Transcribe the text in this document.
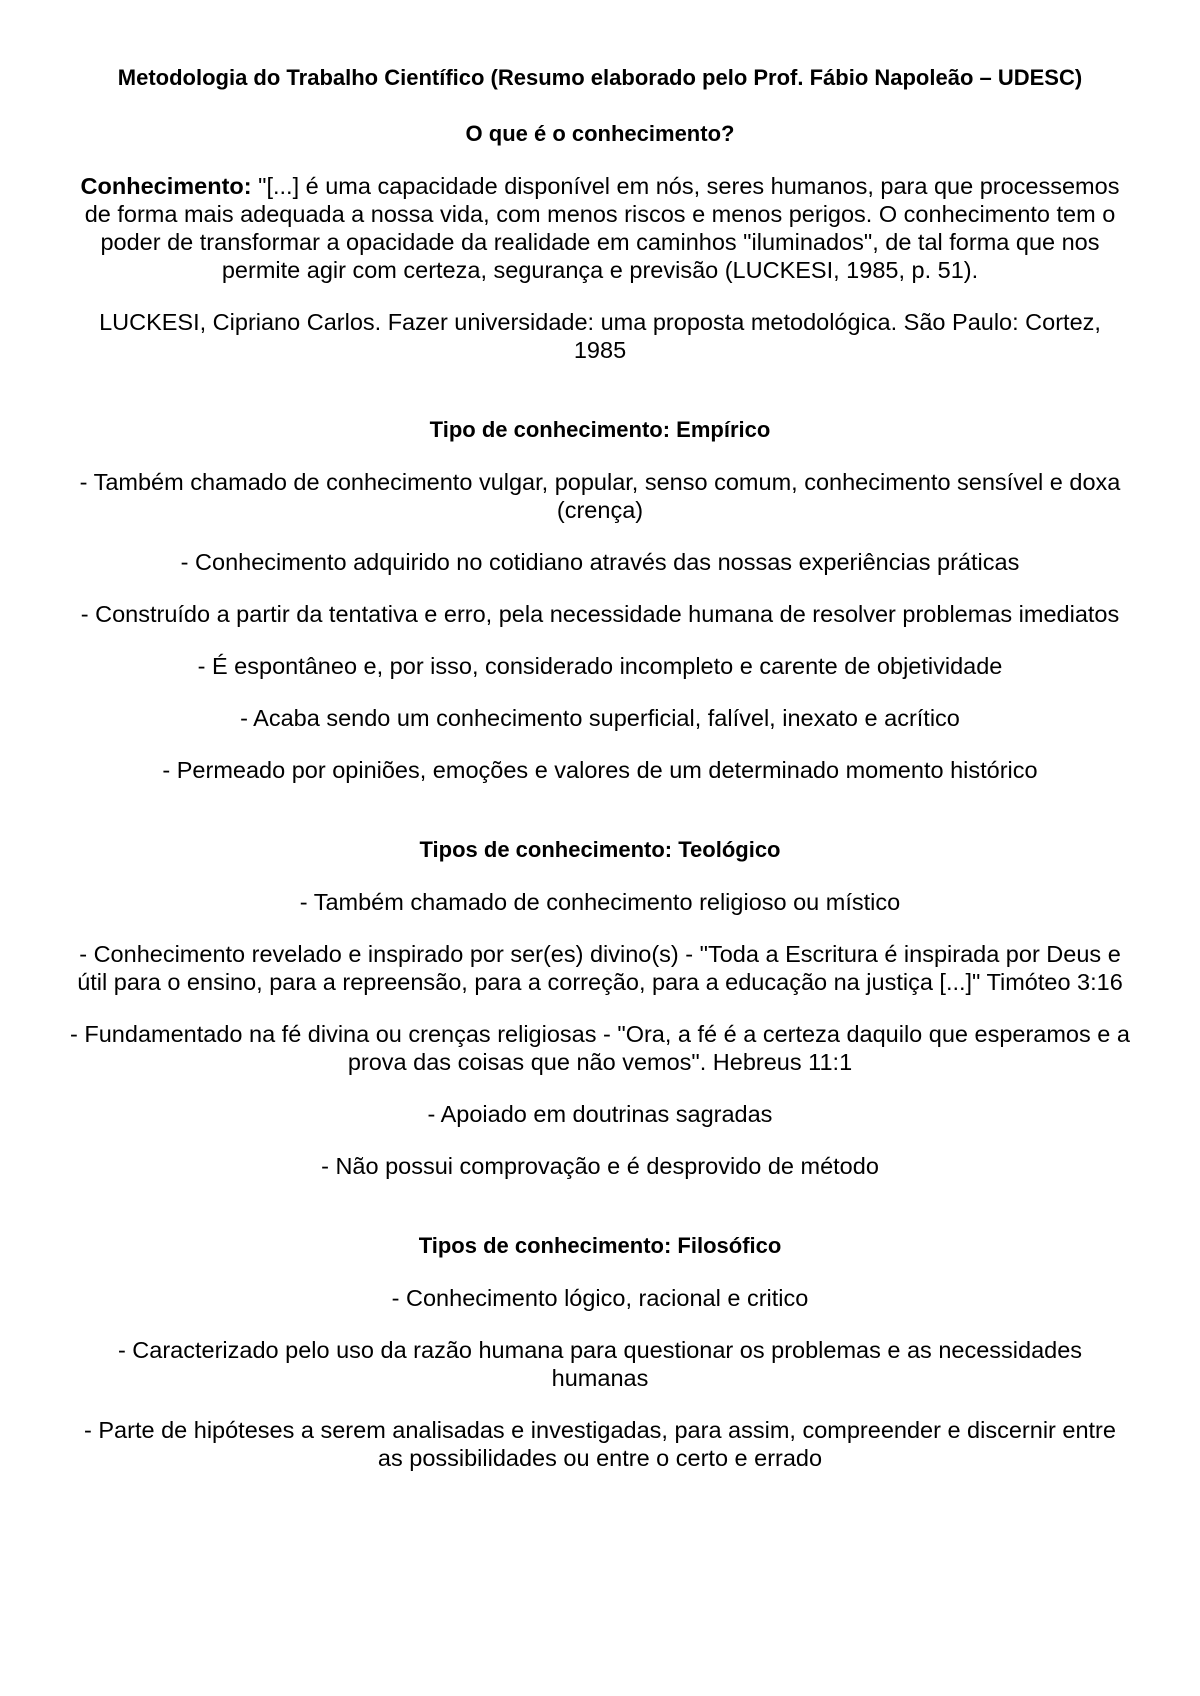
Metodologia do Trabalho Científico (Resumo elaborado pelo Prof. Fábio Napoleão – UDESC)

O que é o conhecimento?

Conhecimento: "[...] é uma capacidade disponível em nós, seres humanos, para que processemos de forma mais adequada a nossa vida, com menos riscos e menos perigos. O conhecimento tem o poder de transformar a opacidade da realidade em caminhos "iluminados", de tal forma que nos permite agir com certeza, segurança e previsão (LUCKESI, 1985, p. 51).

LUCKESI, Cipriano Carlos. Fazer universidade: uma proposta metodológica. São Paulo: Cortez, 1985

Tipo de conhecimento: Empírico

- Também chamado de conhecimento vulgar, popular, senso comum, conhecimento sensível e doxa (crença)

- Conhecimento adquirido no cotidiano através das nossas experiências práticas

- Construído a partir da tentativa e erro, pela necessidade humana de resolver problemas imediatos

- É espontâneo e, por isso, considerado incompleto e carente de objetividade

- Acaba sendo um conhecimento superficial, falível, inexato e acrítico

- Permeado por opiniões, emoções e valores de um determinado momento histórico

Tipos de conhecimento: Teológico

- Também chamado de conhecimento religioso ou místico

- Conhecimento revelado e inspirado por ser(es) divino(s) - "Toda a Escritura é inspirada por Deus e útil para o ensino, para a repreensão, para a correção, para a educação na justiça [...]" Timóteo 3:16

- Fundamentado na fé divina ou crenças religiosas - "Ora, a fé é a certeza daquilo que esperamos e a prova das coisas que não vemos". Hebreus 11:1

- Apoiado em doutrinas sagradas

- Não possui comprovação e é desprovido de método

Tipos de conhecimento: Filosófico

- Conhecimento lógico, racional e critico

- Caracterizado pelo uso da razão humana para questionar os problemas e as necessidades humanas

- Parte de hipóteses a serem analisadas e investigadas, para assim, compreender e discernir entre as possibilidades ou entre o certo e errado
